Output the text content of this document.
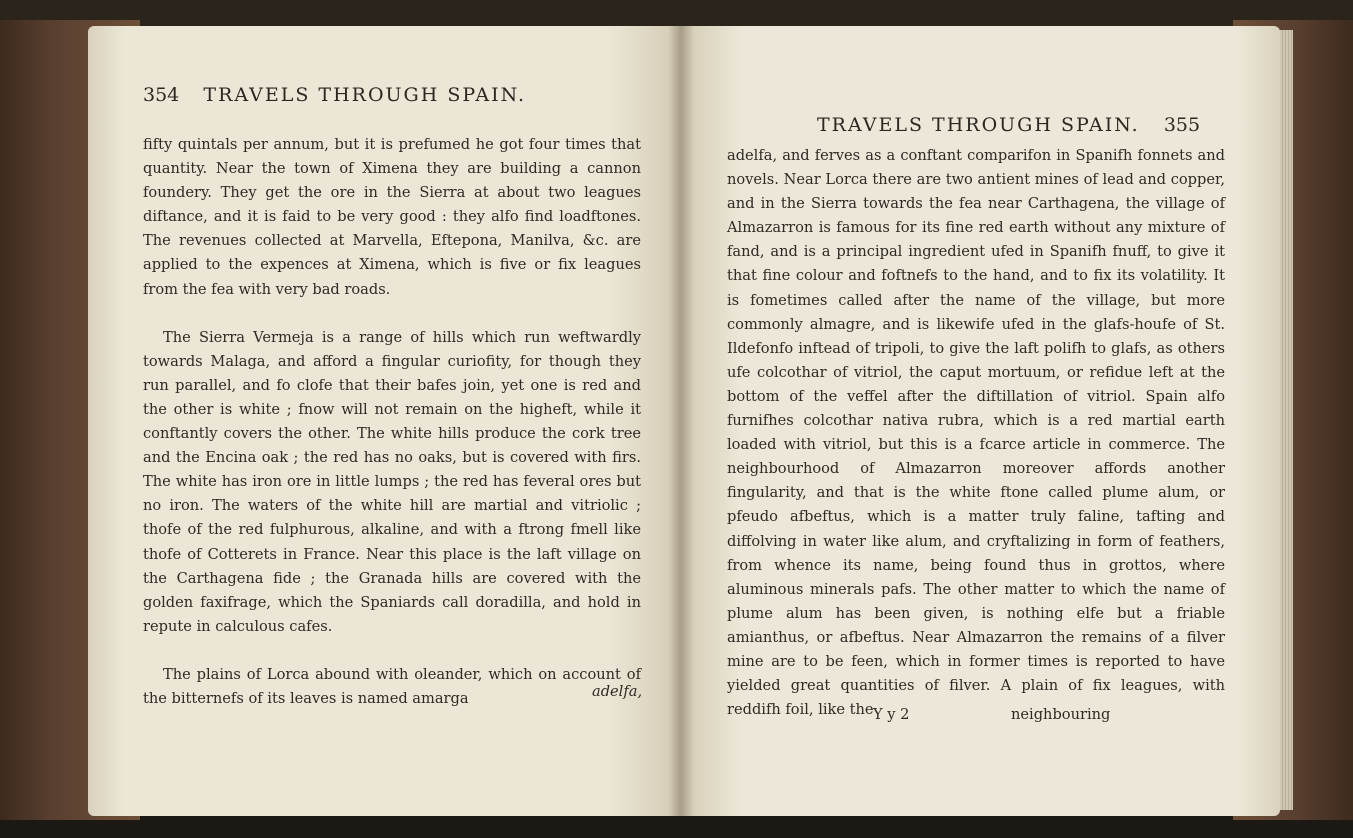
354 TRAVELS THROUGH SPAIN.

fifty quintals per annum, but it is prefumed he got four times that quantity. Near the town of Ximena they are building a cannon foundery. They get the ore in the Sierra at about two leagues diftance, and it is faid to be very good : they alfo find loadftones. The revenues collected at Marvella, Eftepona, Manilva, &c. are applied to the expences at Ximena, which is five or fix leagues from the fea with very bad roads.

The Sierra Vermeja is a range of hills which run weftwardly towards Malaga, and afford a fingular curiofity, for though they run parallel, and fo clofe that their bafes join, yet one is red and the other is white ; fnow will not remain on the higheft, while it conftantly covers the other. The white hills produce the cork tree and the Encina oak ; the red has no oaks, but is covered with firs. The white has iron ore in little lumps ; the red has feveral ores but no iron. The waters of the white hill are martial and vitriolic ; thofe of the red fulphurous, alkaline, and with a ftrong fmell like thofe of Cotterets in France. Near this place is the laft village on the Carthagena fide ; the Granada hills are covered with the golden faxifrage, which the Spaniards call doradilla, and hold in repute in calculous cafes.

The plains of Lorca abound with oleander, which on account of the bitternefs of its leaves is named amarga	adelfa,
TRAVELS THROUGH SPAIN. 355

adelfa, and ferves as a conftant comparifon in Spanifh fonnets and novels. Near Lorca there are two antient mines of lead and copper, and in the Sierra towards the fea near Carthagena, the village of Almazarron is famous for its fine red earth without any mixture of fand, and is a principal ingredient ufed in Spanifh fnuff, to give it that fine colour and foftnefs to the hand, and to fix its volatility. It is fometimes called after the name of the village, but more commonly almagre, and is likewife ufed in the glafs-houfe of St. Ildefonfo inftead of tripoli, to give the laft polifh to glafs, as others ufe colcothar of vitriol, the caput mortuum, or refidue left at the bottom of the veffel after the diftillation of vitriol. Spain alfo furnifhes colcothar nativa rubra, which is a red martial earth loaded with vitriol, but this is a fcarce article in commerce. The neighbourhood of Almazarron moreover affords another fingularity, and that is the white ftone called plume alum, or pfeudo afbeftus, which is a matter truly faline, tafting and diffolving in water like alum, and cryftalizing in form of feathers, from whence its name, being found thus in grottos, where aluminous minerals pafs. The other matter to which the name of plume alum has been given, is nothing elfe but a friable amianthus, or afbeftus. Near Almazarron the remains of a filver mine are to be feen, which in former times is reported to have yielded great quantities of filver. A plain of fix leagues, with reddifh foil, like the Y y 2	neighbouring
